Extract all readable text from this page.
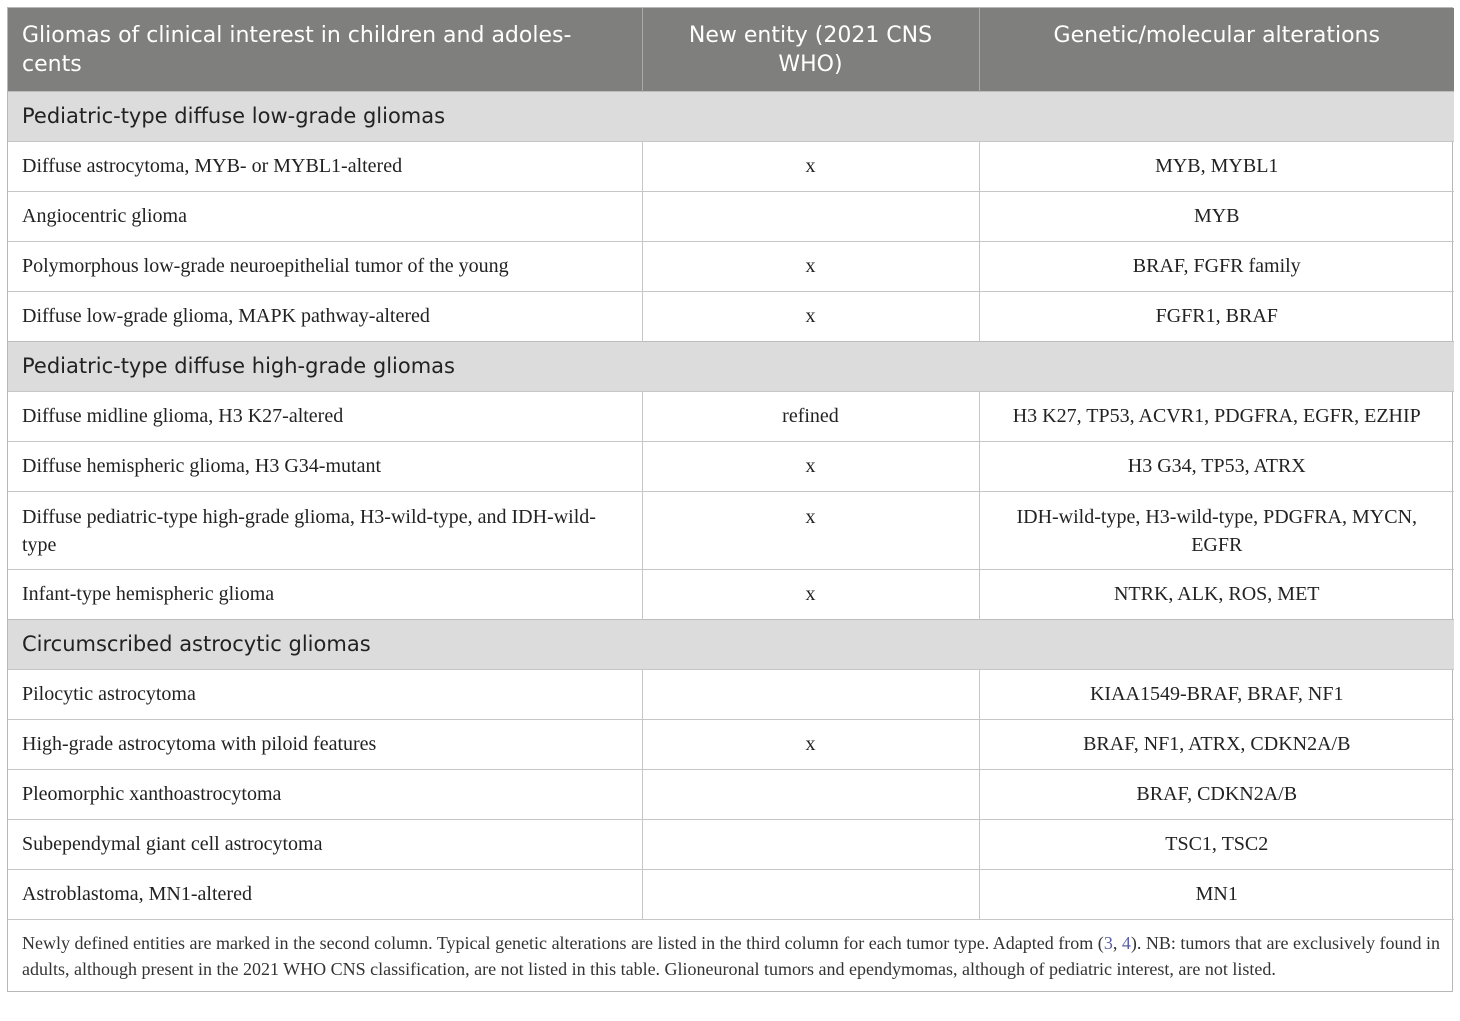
Gliomas of clinical interest in children and adoles-
cents	New entity (2021 CNS WHO)	Genetic/molecular alterations
Pediatric-type diffuse low-grade gliomas		
Diffuse astrocytoma, MYB- or MYBL1-altered	x	MYB, MYBL1
Angiocentric glioma		MYB
Polymorphous low-grade neuroepithelial tumor of the young	x	BRAF, FGFR family
Diffuse low-grade glioma, MAPK pathway-altered	x	FGFR1, BRAF
Pediatric-type diffuse high-grade gliomas		
Diffuse midline glioma, H3 K27-altered	refined	H3 K27, TP53, ACVR1, PDGFRA, EGFR, EZHIP
Diffuse hemispheric glioma, H3 G34-mutant	x	H3 G34, TP53, ATRX
Diffuse pediatric-type high-grade glioma, H3-wild-type, and IDH-wild-type	x	IDH-wild-type, H3-wild-type, PDGFRA, MYCN, EGFR
Infant-type hemispheric glioma	x	NTRK, ALK, ROS, MET
Circumscribed astrocytic gliomas		
Pilocytic astrocytoma		KIAA1549-BRAF, BRAF, NF1
High-grade astrocytoma with piloid features	x	BRAF, NF1, ATRX, CDKN2A/B
Pleomorphic xanthoastrocytoma		BRAF, CDKN2A/B
Subependymal giant cell astrocytoma		TSC1, TSC2
Astroblastoma, MN1-altered		MN1
Newly defined entities are marked in the second column. Typical genetic alterations are listed in the third column for each tumor type. Adapted from (3, 4). NB: tumors that are exclusively found in adults, although present in the 2021 WHO CNS classification, are not listed in this table. Glioneuronal tumors and ependymomas, although of pediatric interest, are not listed.		
